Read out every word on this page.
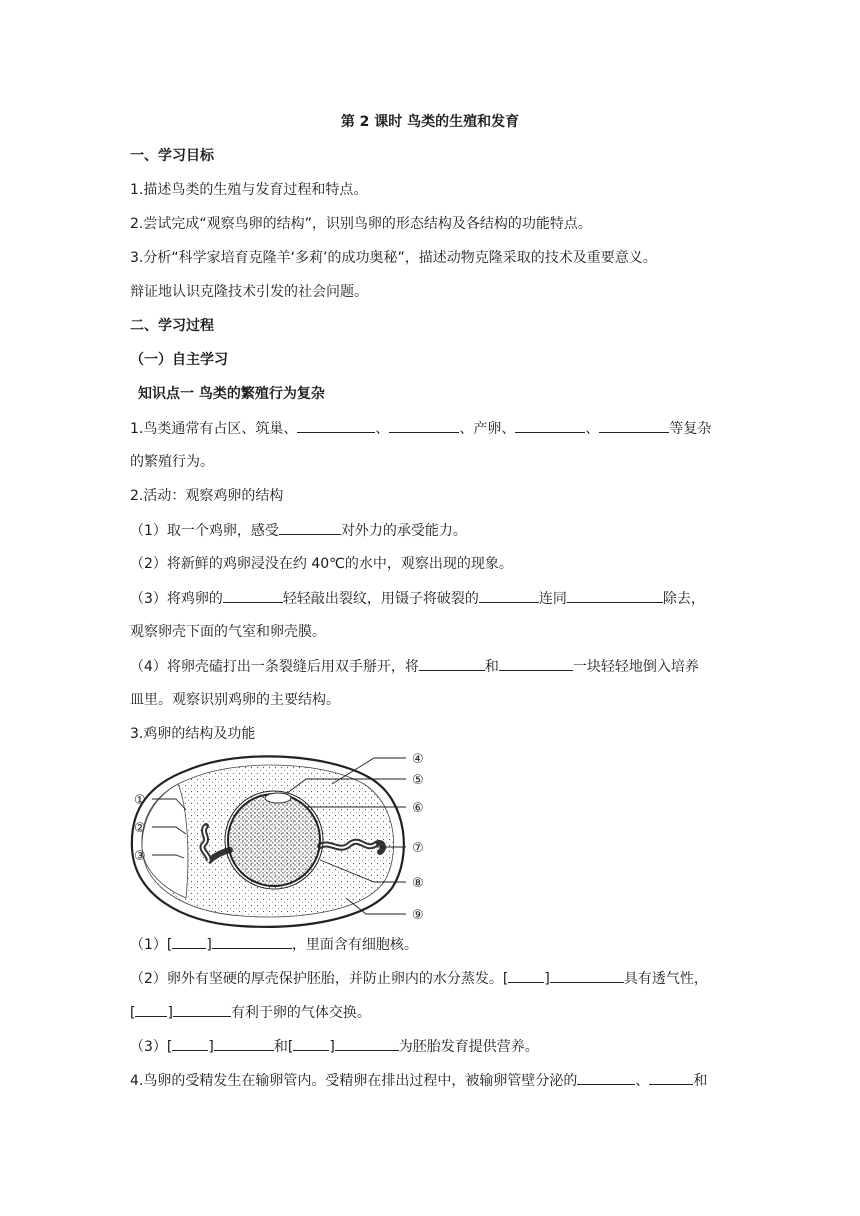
第 2 课时 鸟类的生殖和发育
一、学习目标
1.描述鸟类的生殖与发育过程和特点。
2.尝试完成“观察鸟卵的结构”，识别鸟卵的形态结构及各结构的功能特点。
3.分析“科学家培育克隆羊‘多莉’的成功奥秘”，描述动物克隆采取的技术及重要意义。
辩证地认识克隆技术引发的社会问题。
二、学习过程
（一）自主学习
知识点一 鸟类的繁殖行为复杂
1.鸟类通常有占区、筑巢、	、	、产卵、	、	等复杂
的繁殖行为。
2.活动：观察鸡卵的结构
（1）取一个鸡卵，感受	对外力的承受能力。
（2）将新鲜的鸡卵浸没在约 40℃的水中，观察出现的现象。
（3）将鸡卵的	轻轻敲出裂纹，用镊子将破裂的	连同	除去，
观察卵壳下面的气室和卵壳膜。
（4）将卵壳磕打出一条裂缝后用双手掰开，将	和	一块轻轻地倒入培养
皿里。观察识别鸡卵的主要结构。
3.鸡卵的结构及功能
①
②
③
④
⑤
⑥
⑦
⑧
⑨
（1）[ ]	，里面含有细胞核。
（2）卵外有坚硬的厚壳保护胚胎，并防止卵内的水分蒸发。[	]	具有透气性，
[ ]	有利于卵的气体交换。
（3）[	]	和[	]	为胚胎发育提供营养。
4.鸟卵的受精发生在输卵管内。受精卵在排出过程中，被输卵管壁分泌的	、	和
